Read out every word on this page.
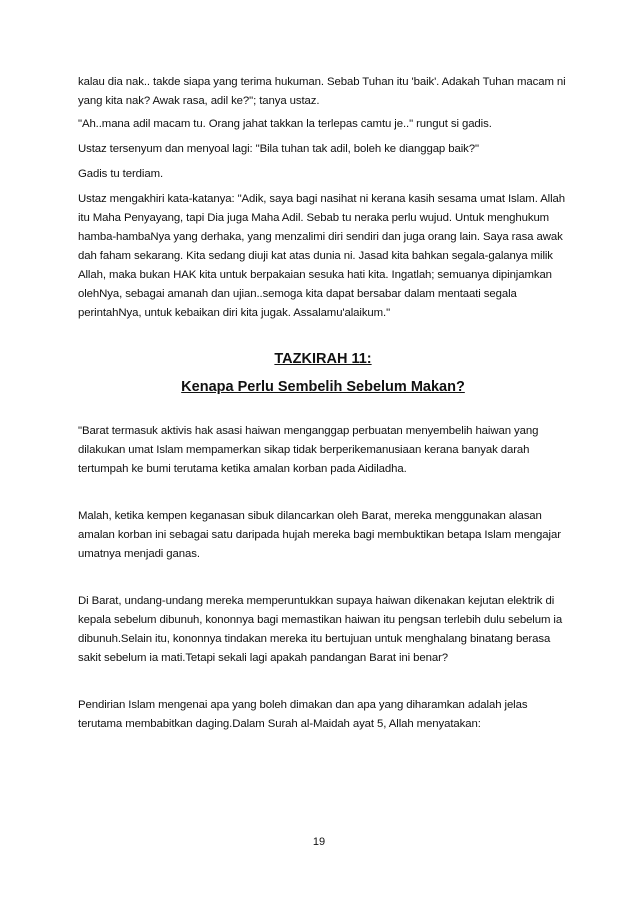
kalau dia nak.. takde siapa yang terima hukuman. Sebab Tuhan itu 'baik'. Adakah Tuhan macam ni yang kita nak? Awak rasa, adil ke?"; tanya ustaz.

"Ah..mana adil macam tu. Orang jahat takkan la terlepas camtu je.." rungut si gadis.

Ustaz tersenyum dan menyoal lagi: "Bila tuhan tak adil, boleh ke dianggap baik?"

Gadis tu terdiam.

Ustaz mengakhiri kata-katanya: "Adik, saya bagi nasihat ni kerana kasih sesama umat Islam. Allah itu Maha Penyayang, tapi Dia juga Maha Adil. Sebab tu neraka perlu wujud. Untuk menghukum hamba-hambaNya yang derhaka, yang menzalimi diri sendiri dan juga orang lain. Saya rasa awak dah faham sekarang. Kita sedang diuji kat atas dunia ni. Jasad kita bahkan segala-galanya milik Allah, maka bukan HAK kita untuk berpakaian sesuka hati kita. Ingatlah; semuanya dipinjamkan olehNya, sebagai amanah dan ujian..semoga kita dapat bersabar dalam mentaati segala perintahNya, untuk kebaikan diri kita jugak. Assalamu'alaikum."

TAZKIRAH 11:

Kenapa Perlu Sembelih Sebelum Makan?

"Barat termasuk aktivis hak asasi haiwan menganggap perbuatan menyembelih haiwan yang dilakukan umat Islam mempamerkan sikap tidak berperikemanusiaan kerana banyak darah tertumpah ke bumi terutama ketika amalan korban pada Aidiladha.

Malah, ketika kempen keganasan sibuk dilancarkan oleh Barat, mereka menggunakan alasan amalan korban ini sebagai satu daripada hujah mereka bagi membuktikan betapa Islam mengajar umatnya menjadi ganas.

Di Barat, undang-undang mereka memperuntukkan supaya haiwan dikenakan kejutan elektrik di kepala sebelum dibunuh, kononnya bagi memastikan haiwan itu pengsan terlebih dulu sebelum ia dibunuh.Selain itu, kononnya tindakan mereka itu bertujuan untuk menghalang binatang berasa sakit sebelum ia mati.Tetapi sekali lagi apakah pandangan Barat ini benar?

Pendirian Islam mengenai apa yang boleh dimakan dan apa yang diharamkan adalah jelas terutama membabitkan daging.Dalam Surah al-Maidah ayat 5, Allah menyatakan:

19
